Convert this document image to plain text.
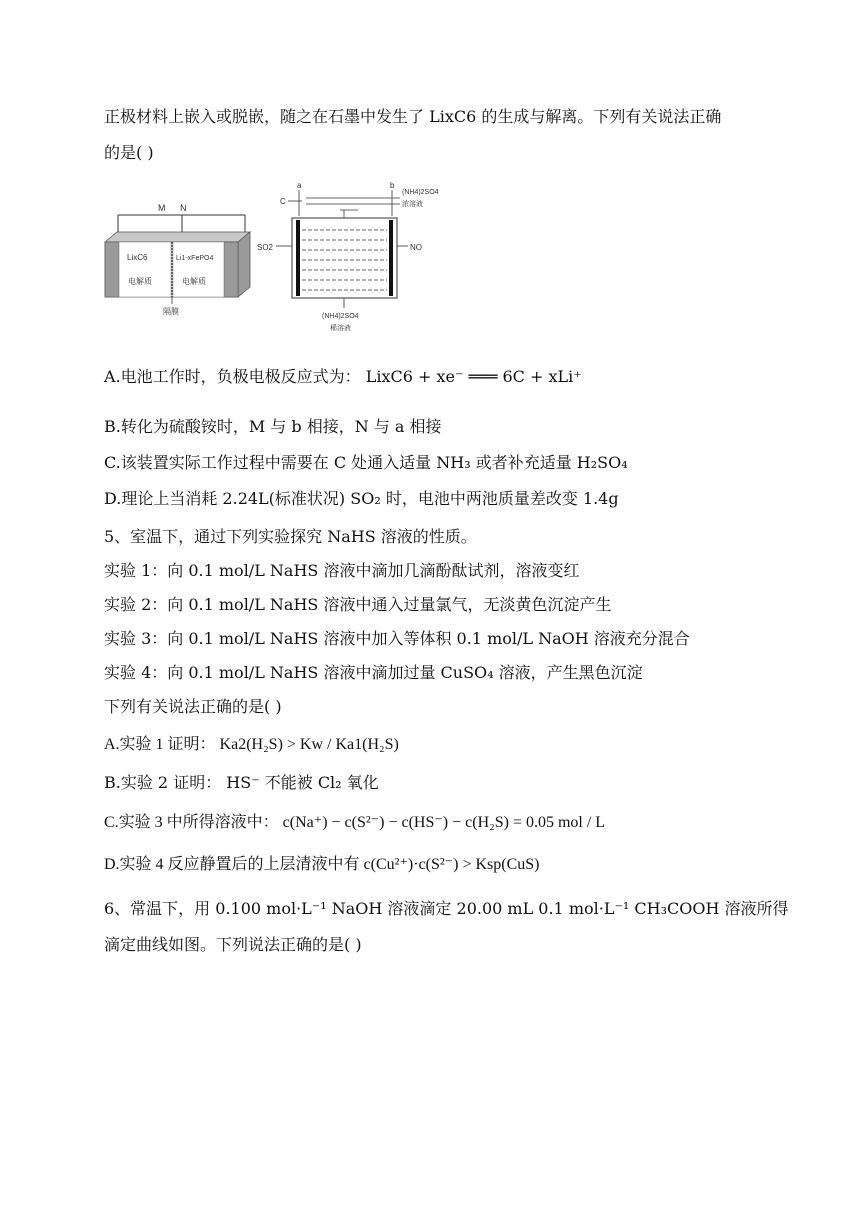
正极材料上嵌入或脱嵌，随之在石墨中发生了 LixC6 的生成与解离。下列有关说法正确
的是( )
M N
LixC6
电解质
Li1-xFePO4
电解质
隔膜
a	b
(NH4)2SO4
浓溶液
C
SO2	NO
(NH4)2SO4
稀溶液
A.电池工作时，负极电极反应式为： LixC6 + xe⁻ ═══ 6C + xLi⁺
B.转化为硫酸铵时，M 与 b 相接，N 与 a 相接
C.该装置实际工作过程中需要在 C 处通入适量 NH₃ 或者补充适量 H₂SO₄
D.理论上当消耗 2.24L(标准状况) SO₂ 时，电池中两池质量差改变 1.4g
5、室温下，通过下列实验探究 NaHS 溶液的性质。
实验 1：向 0.1 mol/L NaHS 溶液中滴加几滴酚酞试剂，溶液变红
实验 2：向 0.1 mol/L NaHS 溶液中通入过量氯气，无淡黄色沉淀产生
实验 3：向 0.1 mol/L NaHS 溶液中加入等体积 0.1 mol/L NaOH 溶液充分混合
实验 4：向 0.1 mol/L NaHS 溶液中滴加过量 CuSO₄ 溶液，产生黑色沉淀
下列有关说法正确的是( )
A.实验 1 证明： Ka2(H₂S) > Kw / Ka1(H₂S)
B.实验 2 证明： HS⁻ 不能被 Cl₂ 氧化
C.实验 3 中所得溶液中： c(Na⁺) − c(S²⁻) − c(HS⁻) − c(H₂S) = 0.05 mol / L
D.实验 4 反应静置后的上层清液中有 c(Cu²⁺)·c(S²⁻) > Ksp(CuS)
6、常温下，用 0.100 mol·L⁻¹ NaOH 溶液滴定 20.00 mL 0.1 mol·L⁻¹ CH₃COOH 溶液所得
滴定曲线如图。下列说法正确的是( )
